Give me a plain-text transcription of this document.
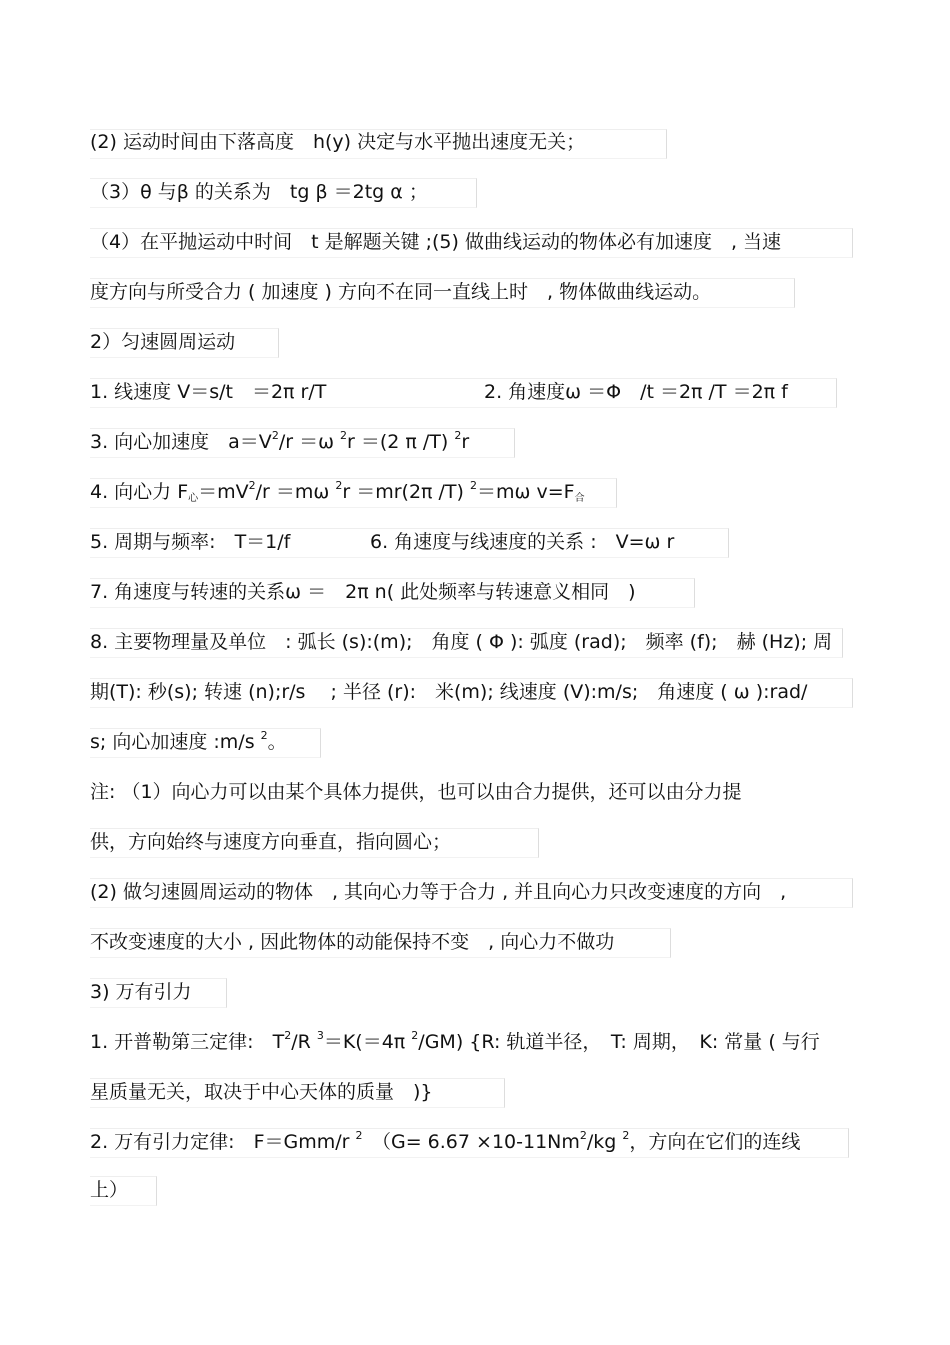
(2) 运动时间由下落高度　h(y) 决定与水平抛出速度无关；
（3）θ 与β 的关系为　tg β ＝2tg α ；
（4）在平抛运动中时间　t 是解题关键 ;(5) 做曲线运动的物体必有加速度　, 当速
度方向与所受合力 ( 加速度 ) 方向不在同一直线上时　, 物体做曲线运动。
2）匀速圆周运动
1. 线速度 V＝s/t　＝2π r/T	2. 角速度ω ＝Φ　/t ＝2π /T ＝2π f
3. 向心加速度　$a=V^2/r =\omega$ $^2$r ＝(2 π /T) $^2$r
4. 向心力 F心$=mV^2/r =m\omega$ $^2$r ＝mr(2π /T) $^2$＝mω v=F合
5. 周期与频率:　T＝1/f	6. 角速度与线速度的关系 :　V=ω r
7. 角速度与转速的关系ω ＝　2π n( 此处频率与转速意义相同　)
8. 主要物理量及单位　: 弧长 (s):(m);　角度 ( Φ ): 弧度 (rad);　频率 (f);　赫 (Hz); 周
期(T): 秒(s); 转速 (n);r/s　 ; 半径 (r):　米(m); 线速度 (V):m/s;　角速度 ( ω ):rad/
s; 向心加速度 :m/s $^2$。
注: （1）向心力可以由某个具体力提供，也可以由合力提供，还可以由分力提
供，方向始终与速度方向垂直，指向圆心；
(2) 做匀速圆周运动的物体　, 其向心力等于合力 , 并且向心力只改变速度的方向　,
不改变速度的大小 , 因此物体的动能保持不变　, 向心力不做功
3) 万有引力
1. 开普勒第三定律:　$T^2/R$ $^3$＝K(＝4π $^2$/GM) {R: 轨道半径，　T: 周期，　K: 常量 ( 与行
星质量无关，取决于中心天体的质量　)}
2. 万有引力定律:　F＝Gmm/r $^2$　（$G= 6.67 \times 10-11Nm^2/kg$ $^2$，方向在它们的连线
上）
